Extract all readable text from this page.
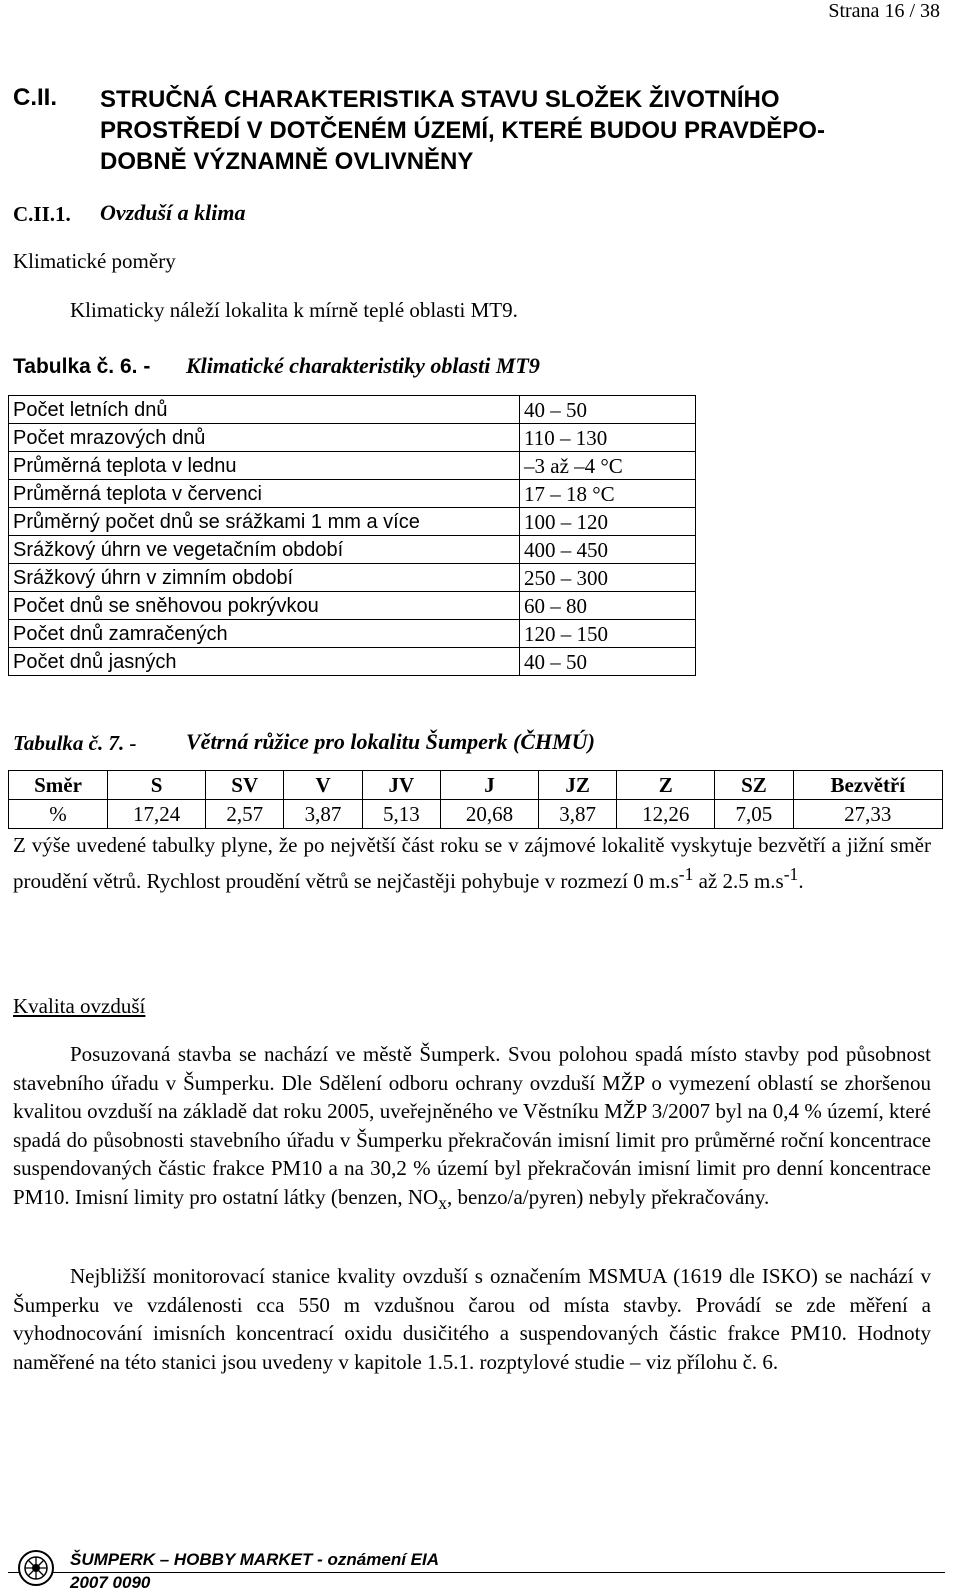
Strana 16 / 38
C.II. STRUČNÁ CHARAKTERISTIKA STAVU SLOŽEK ŽIVOTNÍHO
PROSTŘEDÍ V DOTČENÉM ÚZEMÍ, KTERÉ BUDOU PRAVDĚPO-
DOBNĚ VÝZNAMNĚ OVLIVNĚNY
C.II.1. Ovzduší a klima
Klimatické poměry
Klimaticky náleží lokalita k mírně teplé oblasti MT9.
Tabulka č. 6. - Klimatické charakteristiky oblasti MT9
Počet letních dnů	40 – 50
Počet mrazových dnů	110 – 130
Průměrná teplota v lednu	–3 až –4 °C
Průměrná teplota v červenci	17 – 18 °C
Průměrný počet dnů se srážkami 1 mm a více	100 – 120
Srážkový úhrn ve vegetačním období	400 – 450
Srážkový úhrn v zimním období	250 – 300
Počet dnů se sněhovou pokrývkou	60 – 80
Počet dnů zamračených	120 – 150
Počet dnů jasných	40 – 50
Tabulka č. 7. - Větrná růžice pro lokalitu Šumperk (ČHMÚ)
Směr	S	SV	V	JV	J	JZ	Z	SZ	Bezvětří
%	17,24	2,57	3,87	5,13	20,68	3,87	12,26	7,05	27,33
Z výše uvedené tabulky plyne, že po největší část roku se v zájmové lokalitě vyskytuje bezvětří a jižní směr proudění větrů. Rychlost proudění větrů se nejčastěji pohybuje v rozmezí 0 $m.s^{-1}$ až 2.5 $m.s^{-1}$.
Kvalita ovzduší
Posuzovaná stavba se nachází ve městě Šumperk. Svou polohou spadá místo stavby pod působnost stavebního úřadu v Šumperku. Dle Sdělení odboru ochrany ovzduší MŽP o vymezení oblastí se zhoršenou kvalitou ovzduší na základě dat roku 2005, uveřejněného ve Věstníku MŽP 3/2007 byl na 0,4 % území, které spadá do působnosti stavebního úřadu v Šumperku překračován imisní limit pro průměrné roční koncentrace suspendovaných částic frakce PM10 a na 30,2 % území byl překračován imisní limit pro denní koncentrace PM10. Imisní limity pro ostatní látky (benzen, $NO_x$, benzo/a/pyren) nebyly překračovány.
Nejbližší monitorovací stanice kvality ovzduší s označením MSMUA (1619 dle ISKO) se nachází v Šumperku ve vzdálenosti cca 550 m vzdušnou čarou od místa stavby. Provádí se zde měření a vyhodnocování imisních koncentrací oxidu dusičitého a suspendovaných částic frakce PM10. Hodnoty naměřené na této stanici jsou uvedeny v kapitole 1.5.1. rozptylové studie – viz přílohu č. 6.
ŠUMPERK – HOBBY MARKET - oznámení EIA
2007 0090
